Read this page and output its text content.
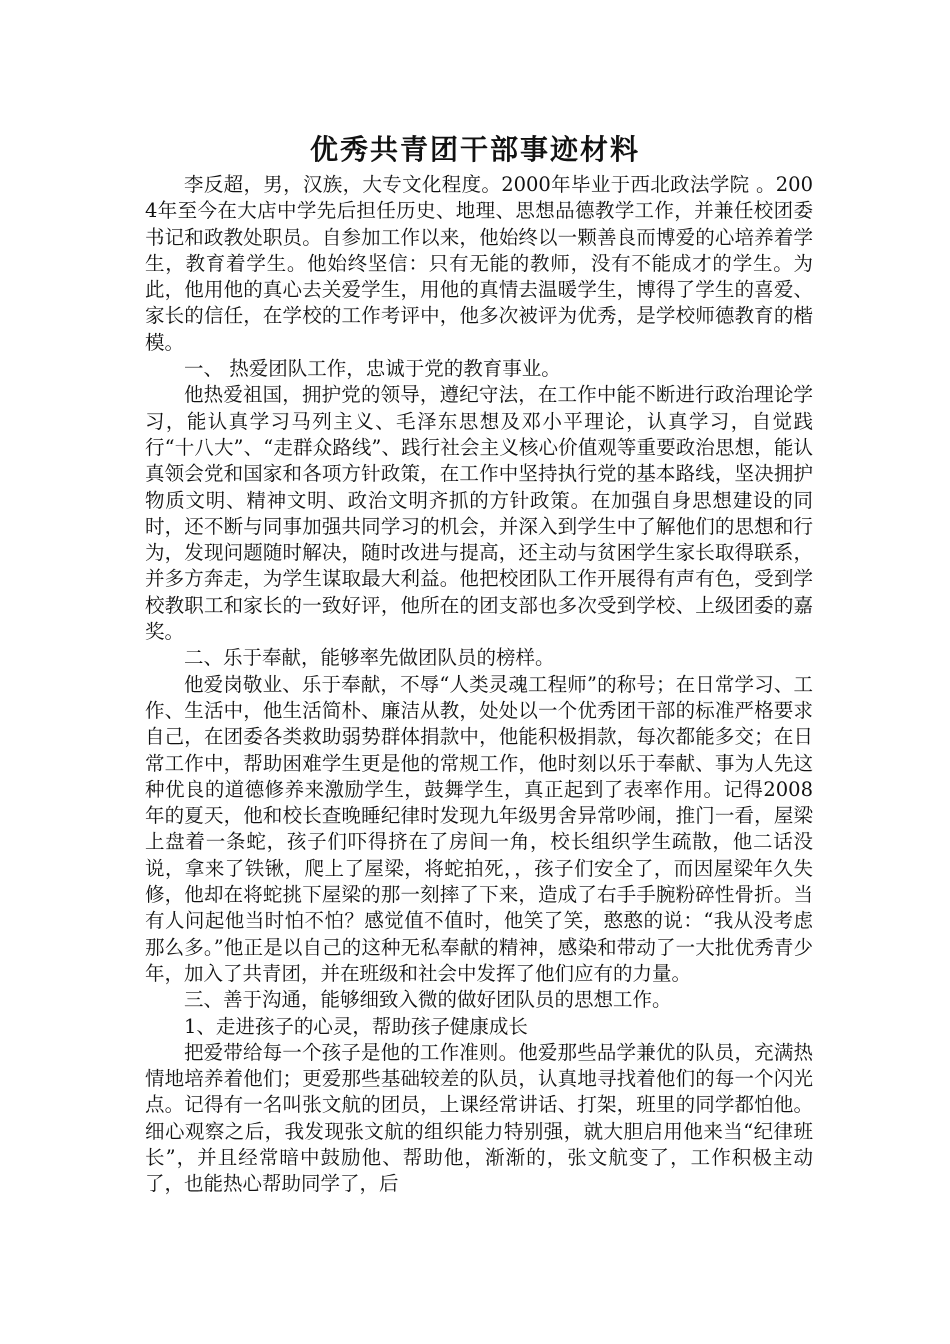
优秀共青团干部事迹材料

李反超，男，汉族，大专文化程度。2000年毕业于西北政法学院 。2004年至今在大店中学先后担任历史、地理、思想品德教学工作，并兼任校团委书记和政教处职员。自参加工作以来，他始终以一颗善良而博爱的心培养着学生，教育着学生。他始终坚信：只有无能的教师，没有不能成才的学生。为此，他用他的真心去关爱学生，用他的真情去温暖学生，博得了学生的喜爱、家长的信任，在学校的工作考评中，他多次被评为优秀，是学校师德教育的楷模。

一、 热爱团队工作，忠诚于党的教育事业。

他热爱祖国，拥护党的领导，遵纪守法，在工作中能不断进行政治理论学习，能认真学习马列主义、毛泽东思想及邓小平理论，认真学习，自觉践行“十八大”、“走群众路线”、践行社会主义核心价值观等重要政治思想，能认真领会党和国家和各项方针政策，在工作中坚持执行党的基本路线，坚决拥护物质文明、精神文明、政治文明齐抓的方针政策。在加强自身思想建设的同时，还不断与同事加强共同学习的机会，并深入到学生中了解他们的思想和行为，发现问题随时解决，随时改进与提高，还主动与贫困学生家长取得联系，并多方奔走，为学生谋取最大利益。他把校团队工作开展得有声有色，受到学校教职工和家长的一致好评，他所在的团支部也多次受到学校、上级团委的嘉奖。

二、乐于奉献，能够率先做团队员的榜样。

他爱岗敬业、乐于奉献，不辱“人类灵魂工程师”的称号；在日常学习、工作、生活中，他生活简朴、廉洁从教，处处以一个优秀团干部的标准严格要求自己，在团委各类救助弱势群体捐款中，他能积极捐款，每次都能多交；在日常工作中，帮助困难学生更是他的常规工作，他时刻以乐于奉献、事为人先这种优良的道德修养来激励学生，鼓舞学生，真正起到了表率作用。记得2008年的夏天，他和校长查晚睡纪律时发现九年级男舍异常吵闹，推门一看，屋梁上盘着一条蛇，孩子们吓得挤在了房间一角，校长组织学生疏散，他二话没说，拿来了铁锹，爬上了屋梁，将蛇拍死，，孩子们安全了，而因屋梁年久失修，他却在将蛇挑下屋梁的那一刻摔了下来，造成了右手手腕粉碎性骨折。当有人问起他当时怕不怕？感觉值不值时，他笑了笑，憨憨的说：“我从没考虑那么多。”他正是以自己的这种无私奉献的精神，感染和带动了一大批优秀青少年，加入了共青团，并在班级和社会中发挥了他们应有的力量。

三、善于沟通，能够细致入微的做好团队员的思想工作。

1、走进孩子的心灵，帮助孩子健康成长

把爱带给每一个孩子是他的工作准则。他爱那些品学兼优的队员，充满热情地培养着他们；更爱那些基础较差的队员，认真地寻找着他们的每一个闪光点。记得有一名叫张文航的团员，上课经常讲话、打架，班里的同学都怕他。细心观察之后，我发现张文航的组织能力特别强，就大胆启用他来当“纪律班长”，并且经常暗中鼓励他、帮助他，渐渐的，张文航变了，工作积极主动了，也能热心帮助同学了，后
